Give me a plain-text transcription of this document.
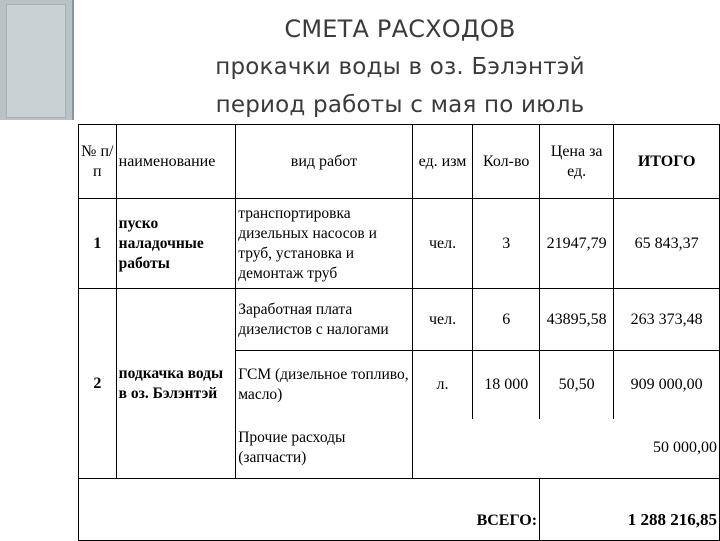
СМЕТА РАСХОДОВ
прокачки воды в оз. Бэлэнтэй
период работы с мая по июль
№ п/п	наименование	вид работ	ед. изм	Кол-во	Цена за ед.	ИТОГО
1	пуско наладочные работы	транспортировка дизельных насосов и труб, установка и демонтаж труб	чел.	3	21947,79	65 843,37
2	подкачка воды в оз. Бэлэнтэй	Заработная плата дизелистов с налогами	чел.	6	43895,58	263 373,48
		ГСМ (дизельное топливо, масло)	л.	18 000	50,50	909 000,00
		Прочие расходы (запчасти)				50 000,00
ВСЕГО:					1 288 216,85	
